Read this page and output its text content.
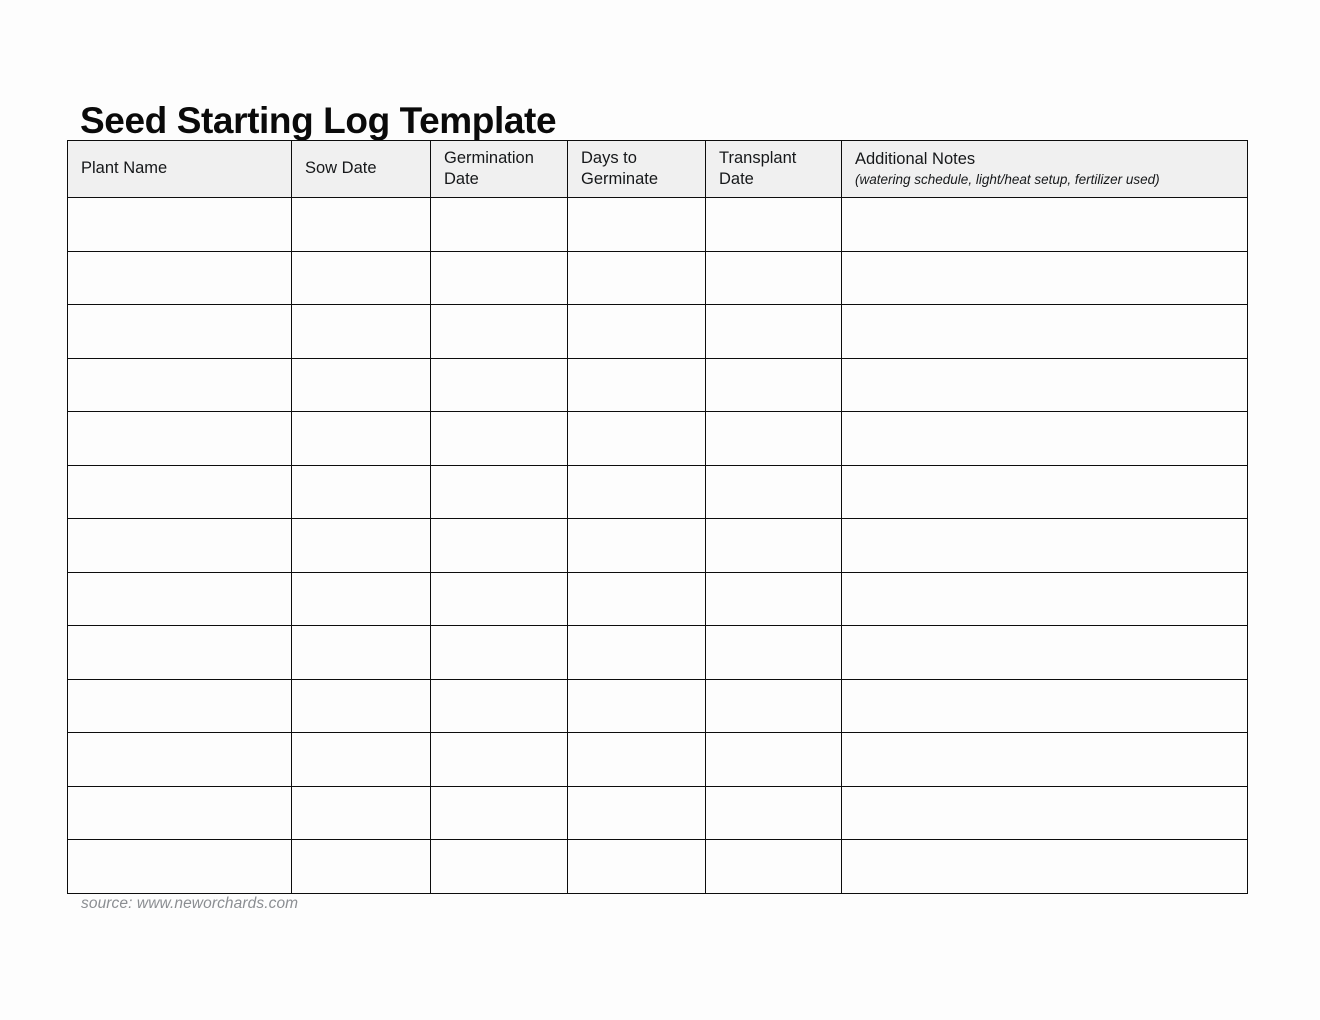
Seed Starting Log Template
Plant Name	Sow Date	Germination Date	Days to Germinate	Transplant Date	Additional Notes
(watering schedule, light/heat setup, fertilizer used)

source: www.neworchards.com
